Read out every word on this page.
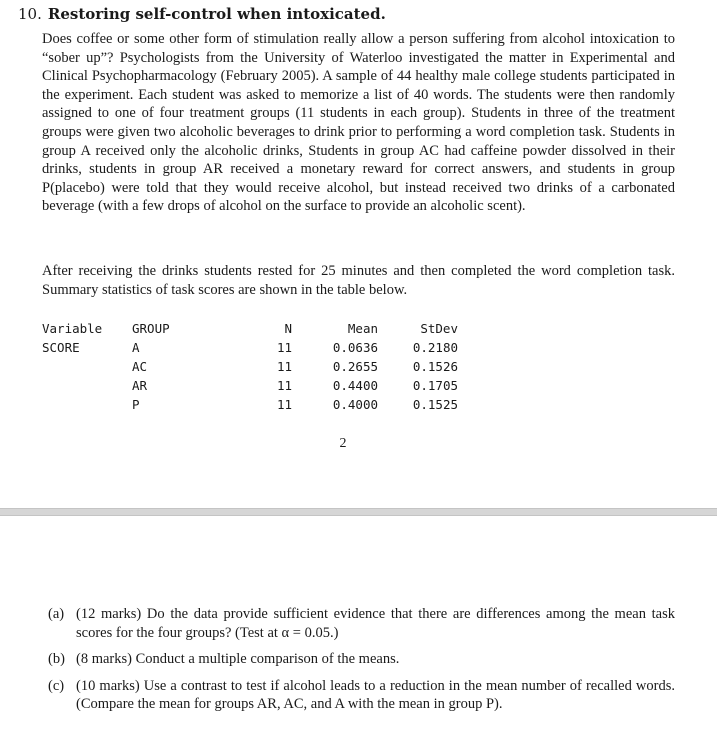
10. Restoring self-control when intoxicated.

Does coffee or some other form of stimulation really allow a person suffering from alcohol intoxication to “sober up”? Psychologists from the University of Waterloo investigated the matter in Experimental and Clinical Psychopharmacology (February 2005). A sample of 44 healthy male college students participated in the experiment. Each student was asked to memorize a list of 40 words. The students were then randomly assigned to one of four treatment groups (11 students in each group). Students in three of the treatment groups were given two alcoholic beverages to drink prior to performing a word completion task. Students in group A received only the alcoholic drinks, Students in group AC had caffeine powder dissolved in their drinks, students in group AR received a monetary reward for correct answers, and students in group P(placebo) were told that they would receive alcohol, but instead received two drinks of a carbonated beverage (with a few drops of alcohol on the surface to provide an alcoholic scent).

After receiving the drinks students rested for 25 minutes and then completed the word completion task. Summary statistics of task scores are shown in the table below.

Variable	GROUP	N	Mean	StDev
SCORE	A	11	0.0636	0.2180
	AC	11	0.2655	0.1526
	AR	11	0.4400	0.1705
	P	11	0.4000	0.1525
2
(a) (12 marks) Do the data provide sufficient evidence that there are differences among the mean task scores for the four groups? (Test at α = 0.05.)
(b) (8 marks) Conduct a multiple comparison of the means.
(c) (10 marks) Use a contrast to test if alcohol leads to a reduction in the mean number of recalled words. (Compare the mean for groups AR, AC, and A with the mean in group P).
